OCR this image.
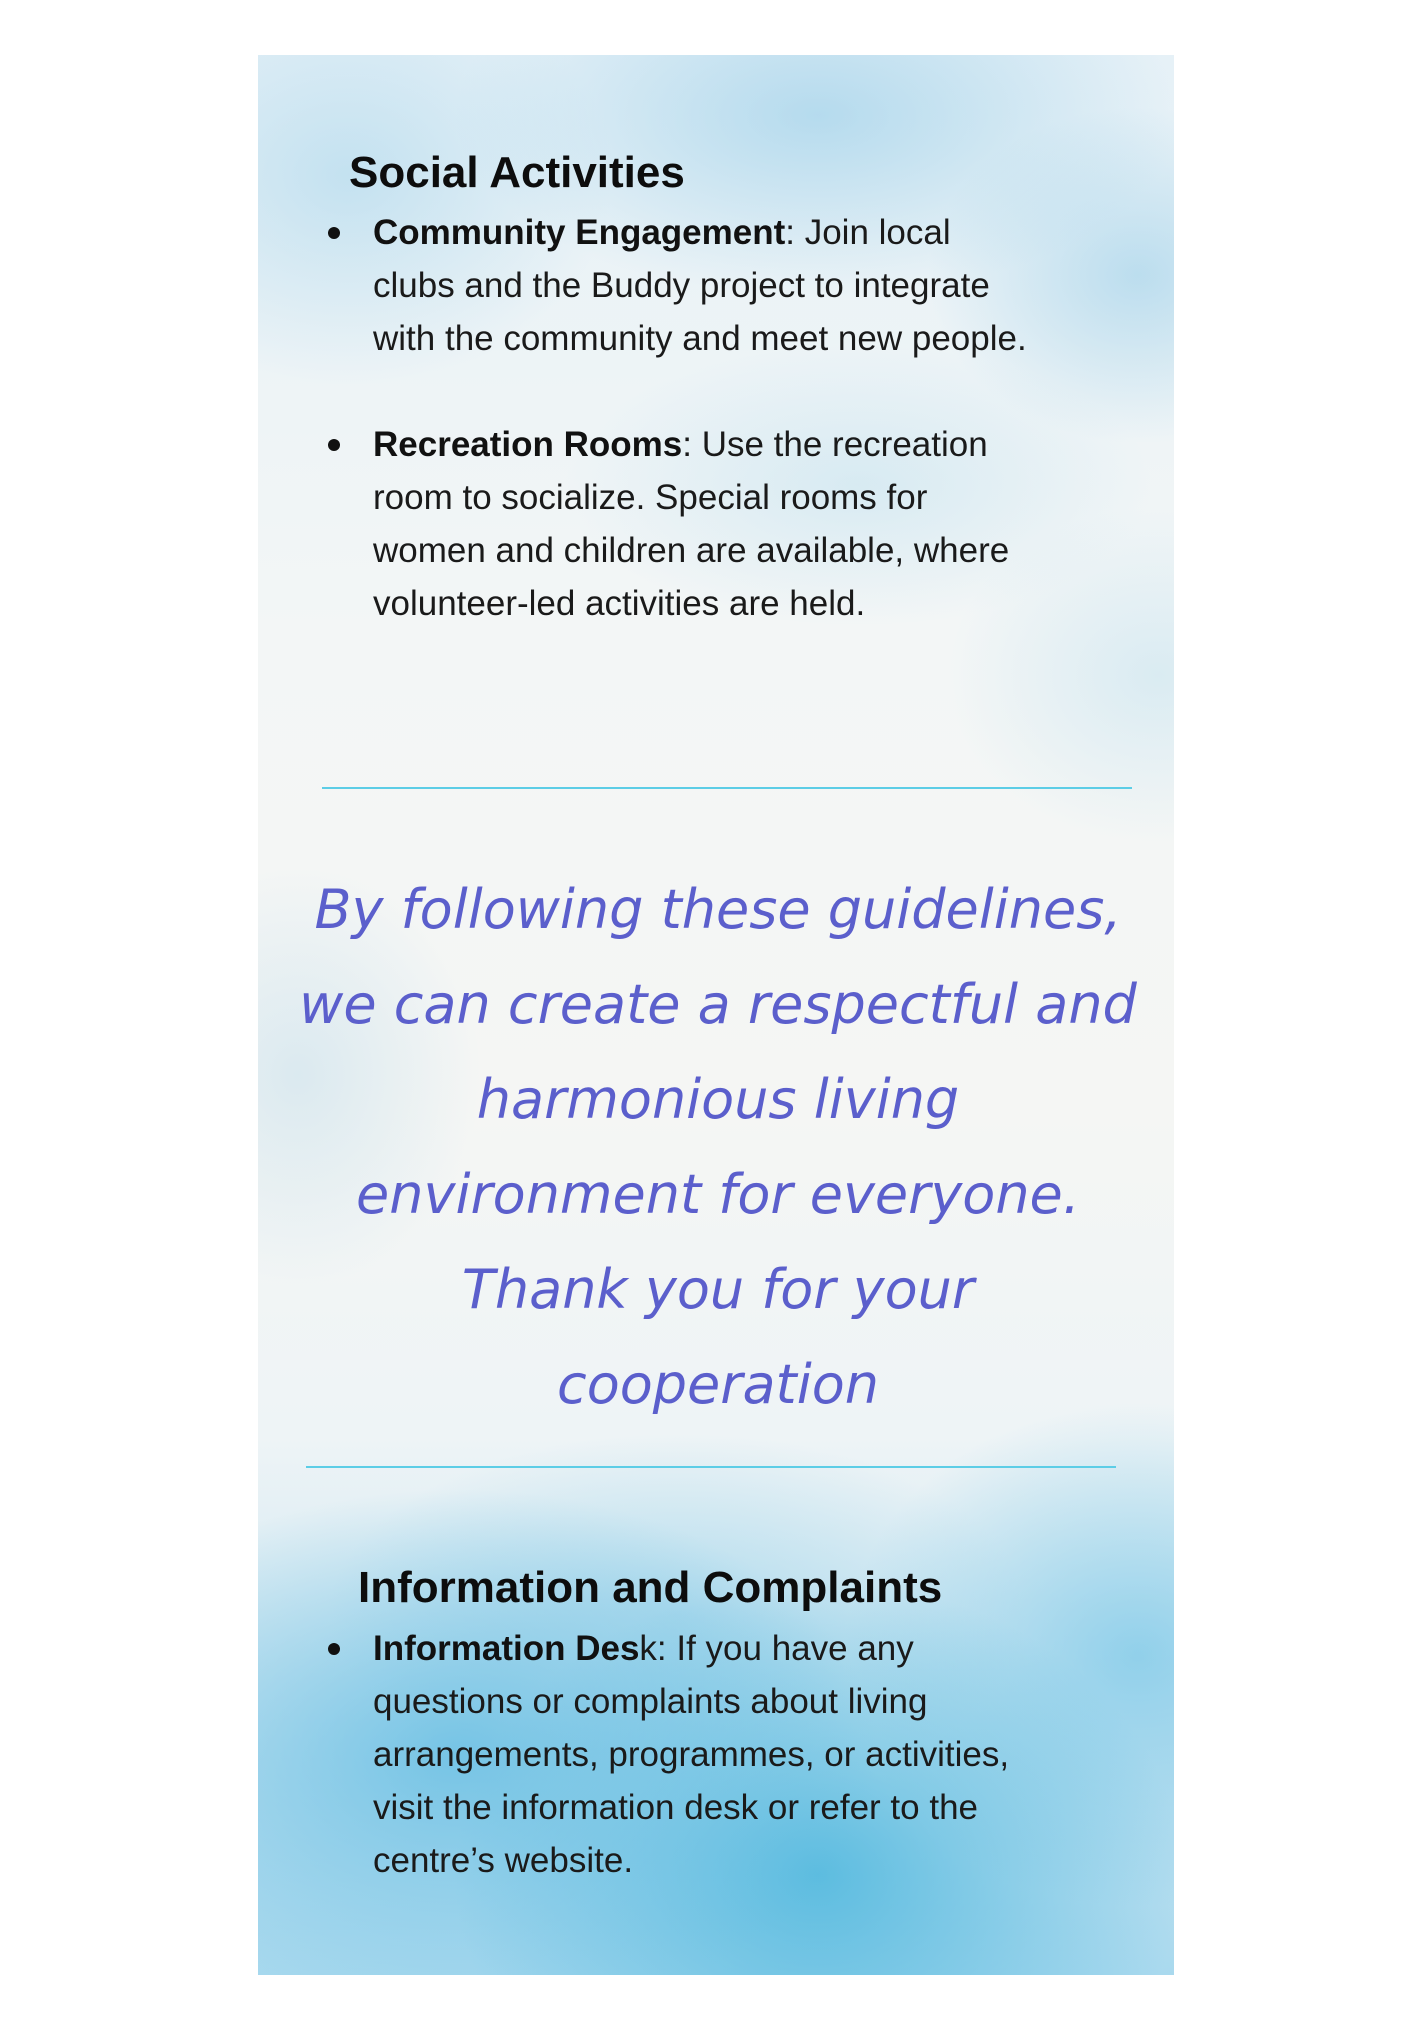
Social Activities
Community Engagement: Join local clubs and the Buddy project to integrate with the community and meet new people.
Recreation Rooms: Use the recreation room to socialize. Special rooms for women and children are available, where volunteer-led activities are held.

By following these guidelines, we can create a respectful and harmonious living environment for everyone. Thank you for your cooperation

Information and Complaints
Information Desk: If you have any questions or complaints about living arrangements, programmes, or activities, visit the information desk or refer to the centre’s website.
